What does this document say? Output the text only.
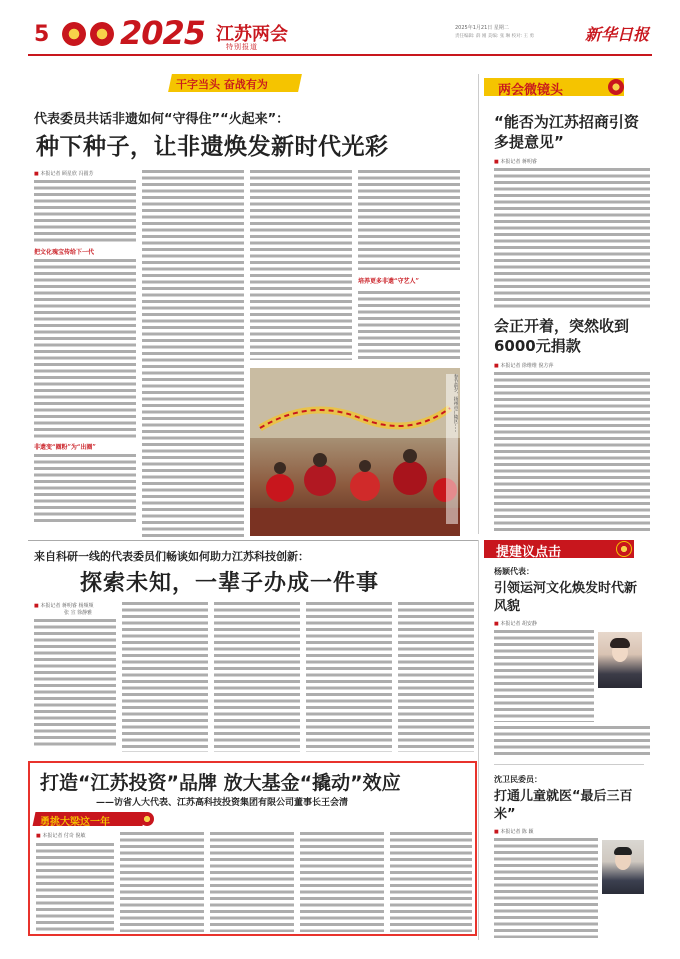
5 2025 江苏两会
特别报道
2025年1月21日 星期二
责任编辑: 薛 刚 美编: 张 琳 校对: 王 勇	新华日报
干字当头 奋战有为
代表委员共话非遗如何“守得住”“火起来”：
种下种子，让非遗焕发新时代光彩
■ 本报记者 顾星欣 冯圆芳
把文化瑰宝传给下一代
非遗变“圈粉”为“出圈”
培养更多非遗“守艺人”
春节前夕，扬州市广陵区……
两会微镜头
“能否为江苏招商引资多提意见”
■ 本报记者 蒋明睿
会正开着，突然收到6000元捐款
■ 本报记者 徐维维 倪方萍
来自科研一线的代表委员们畅谈如何助力江苏科技创新：
探索未知，一辈子办成一件事
■ 本报记者 蒋明睿 杨频频
张 宣 徐静雅
提建议点击
杨颖代表：
引领运河文化焕发时代新风貌
■ 本报记者 胡安静
沈卫民委员：
打通儿童就医“最后三百米”
■ 本报记者 陈 颖
打造“江苏投资”品牌 放大基金“撬动”效应
——访省人大代表、江苏高科技投资集团有限公司董事长王会清
勇挑大梁这一年
■ 本报记者 付奇 倪敏
